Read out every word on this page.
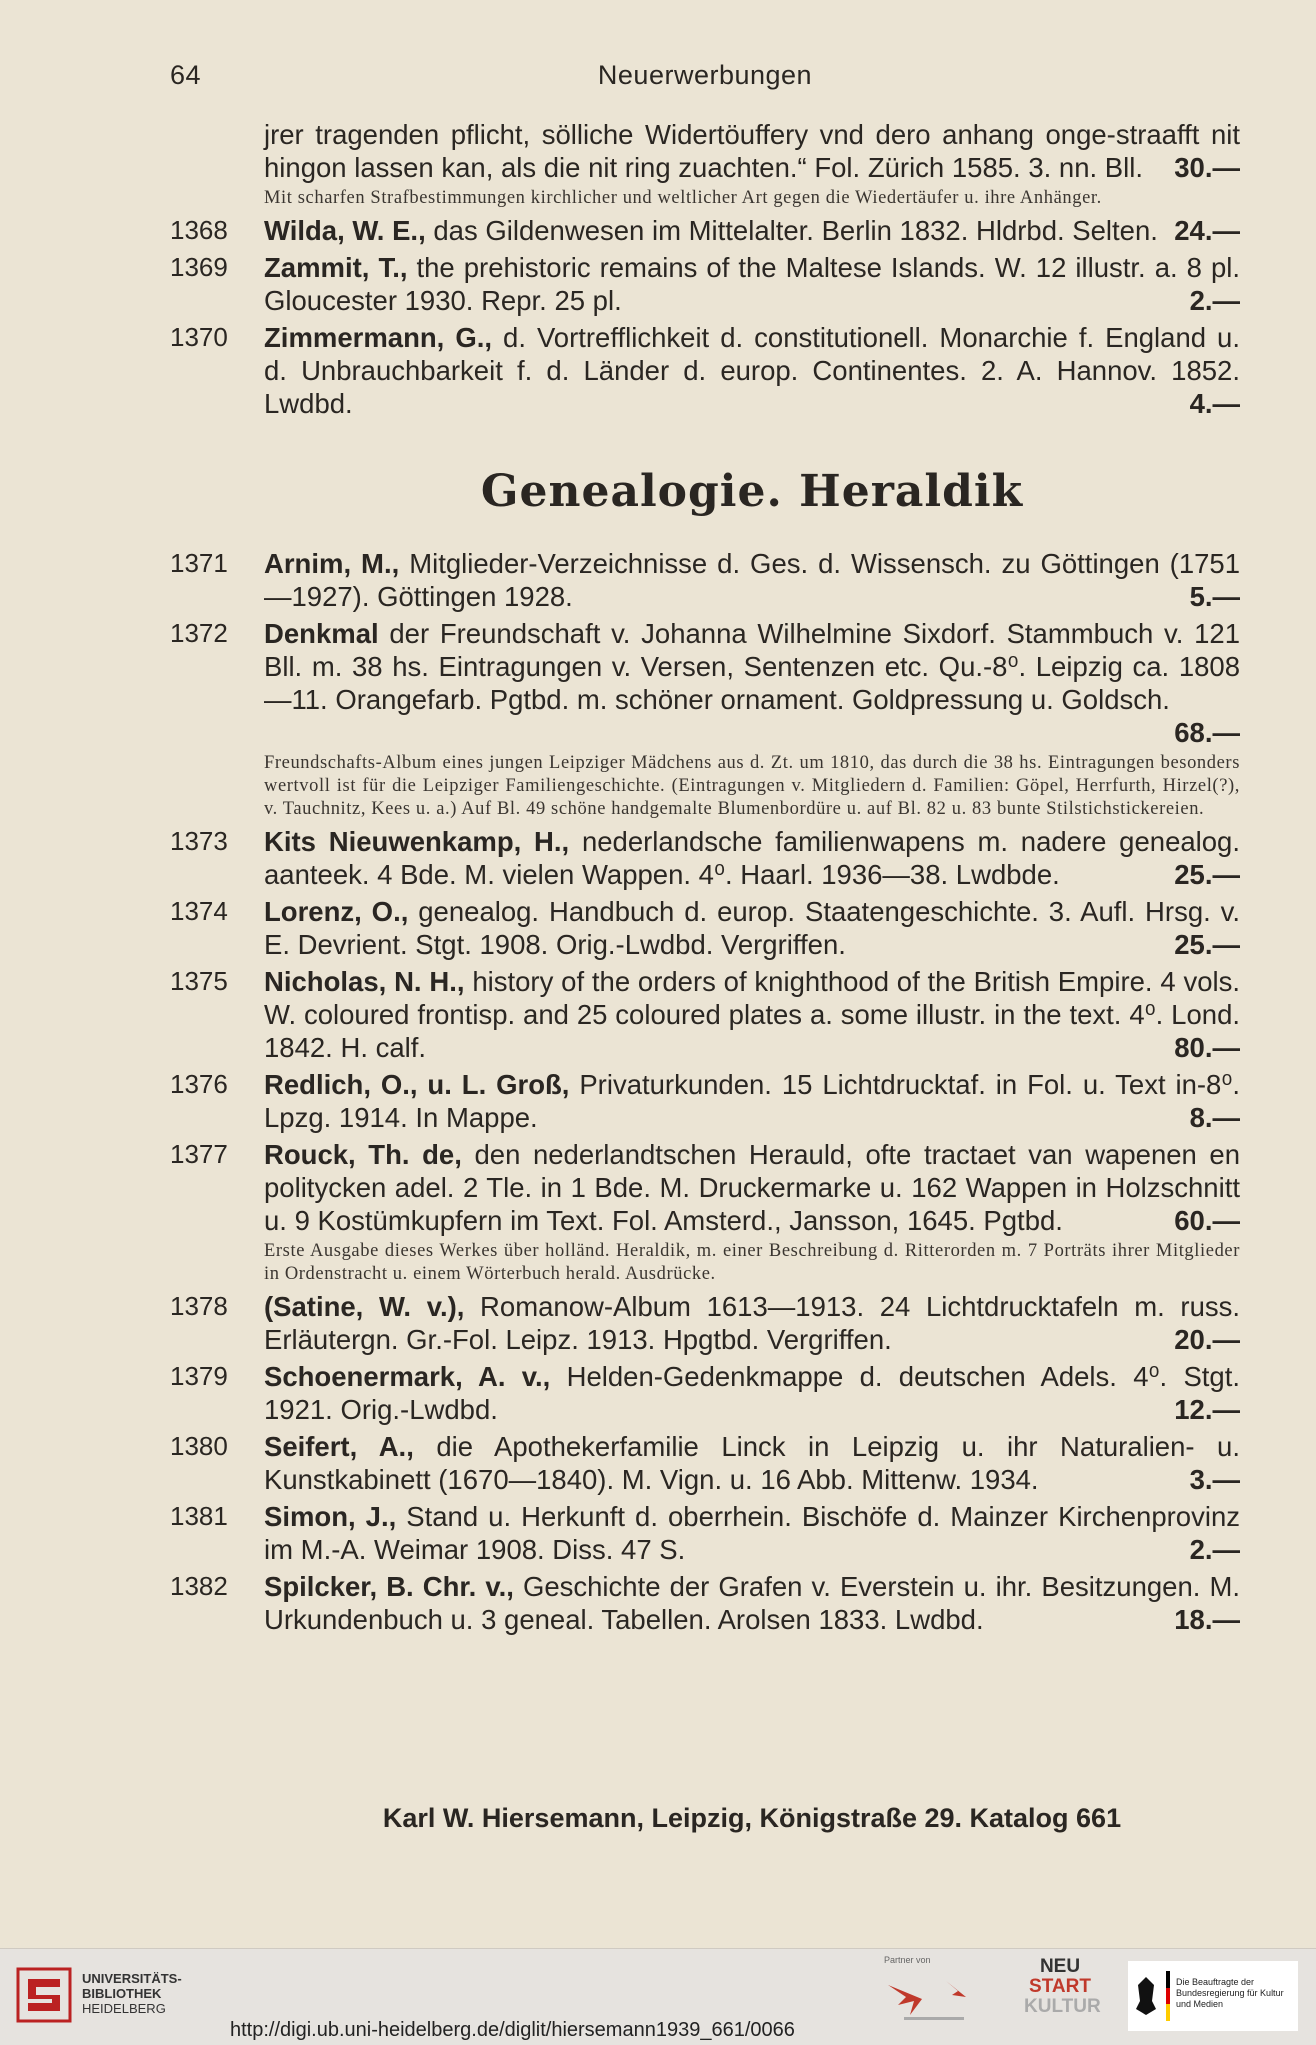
64	Neuerwerbungen
jrer tragenden pflicht, sölliche Widertöuffery vnd dero anhang onge-straafft nit hingon lassen kan, als die nit ring zuachten.“ Fol. Zürich 1585. 3. nn. Bll. 30.—
Mit scharfen Strafbestimmungen kirchlicher und weltlicher Art gegen die Wiedertäufer u. ihre Anhänger.
1368 Wilda, W. E., das Gildenwesen im Mittelalter. Berlin 1832. Hldrbd. Selten. 24.—
1369 Zammit, T., the prehistoric remains of the Maltese Islands. W. 12 illustr. a. 8 pl. Gloucester 1930. Repr. 25 pl.	2.—
1370 Zimmermann, G., d. Vortrefflichkeit d. constitutionell. Monarchie f. England u. d. Unbrauchbarkeit f. d. Länder d. europ. Continentes. 2. A. Hannov. 1852. Lwdbd.	4.—
Genealogie. Heraldik
1371 Arnim, M., Mitglieder-Verzeichnisse d. Ges. d. Wissensch. zu Göttingen (1751—1927). Göttingen 1928.	5.—
1372 Denkmal der Freundschaft v. Johanna Wilhelmine Sixdorf. Stammbuch v. 121 Bll. m. 38 hs. Eintragungen v. Versen, Sentenzen etc. Qu.-8⁰. Leipzig ca. 1808—11. Orangefarb. Pgtbd. m. schöner ornament. Goldpressung u. Goldsch.
68.—
Freundschafts-Album eines jungen Leipziger Mädchens aus d. Zt. um 1810, das durch die 38 hs. Eintragungen besonders wertvoll ist für die Leipziger Familiengeschichte. (Eintragungen v. Mitgliedern d. Familien: Göpel, Herrfurth, Hirzel(?), v. Tauchnitz, Kees u. a.) Auf Bl. 49 schöne handgemalte Blumenbordüre u. auf Bl. 82 u. 83 bunte Stilstichstickereien.
1373 Kits Nieuwenkamp, H., nederlandsche familienwapens m. nadere genealog. aanteek. 4 Bde. M. vielen Wappen. 4⁰. Haarl. 1936—38. Lwdbde.	25.—
1374 Lorenz, O., genealog. Handbuch d. europ. Staatengeschichte. 3. Aufl. Hrsg. v. E. Devrient. Stgt. 1908. Orig.-Lwdbd. Vergriffen.	25.—
1375 Nicholas, N. H., history of the orders of knighthood of the British Empire. 4 vols. W. coloured frontisp. and 25 coloured plates a. some illustr. in the text. 4⁰. Lond. 1842. H. calf.	80.—
1376 Redlich, O., u. L. Groß, Privaturkunden. 15 Lichtdrucktaf. in Fol. u. Text in-8⁰. Lpzg. 1914. In Mappe.	8.—
1377 Rouck, Th. de, den nederlandtschen Herauld, ofte tractaet van wapenen en politycken adel. 2 Tle. in 1 Bde. M. Druckermarke u. 162 Wappen in Holzschnitt u. 9 Kostümkupfern im Text. Fol. Amsterd., Jansson, 1645. Pgtbd.	60.—
Erste Ausgabe dieses Werkes über holländ. Heraldik, m. einer Beschreibung d. Ritterorden m. 7 Porträts ihrer Mitglieder in Ordenstracht u. einem Wörterbuch herald. Ausdrücke.
1378 (Satine, W. v.), Romanow-Album 1613—1913. 24 Lichtdrucktafeln m. russ. Erläutergn. Gr.-Fol. Leipz. 1913. Hpgtbd. Vergriffen.	20.—
1379 Schoenermark, A. v., Helden-Gedenkmappe d. deutschen Adels. 4⁰. Stgt. 1921. Orig.-Lwdbd.	12.—
1380 Seifert, A., die Apothekerfamilie Linck in Leipzig u. ihr Naturalien- u. Kunstkabinett (1670—1840). M. Vign. u. 16 Abb. Mittenw. 1934.	3.—
1381 Simon, J., Stand u. Herkunft d. oberrhein. Bischöfe d. Mainzer Kirchenprovinz im M.-A. Weimar 1908. Diss. 47 S.	2.—
1382 Spilcker, B. Chr. v., Geschichte der Grafen v. Everstein u. ihr. Besitzungen. M. Urkundenbuch u. 3 geneal. Tabellen. Arolsen 1833. Lwdbd.	18.—
Karl W. Hiersemann, Leipzig, Königstraße 29. Katalog 661
UNIVERSITÄTS-
BIBLIOTHEK
HEIDELBERG
http://digi.ub.uni-heidelberg.de/diglit/hiersemann1939_661/0066
Partner von	NEU
START
KULTUR
Die Beauftragte der Bundesregierung für Kultur und Medien
